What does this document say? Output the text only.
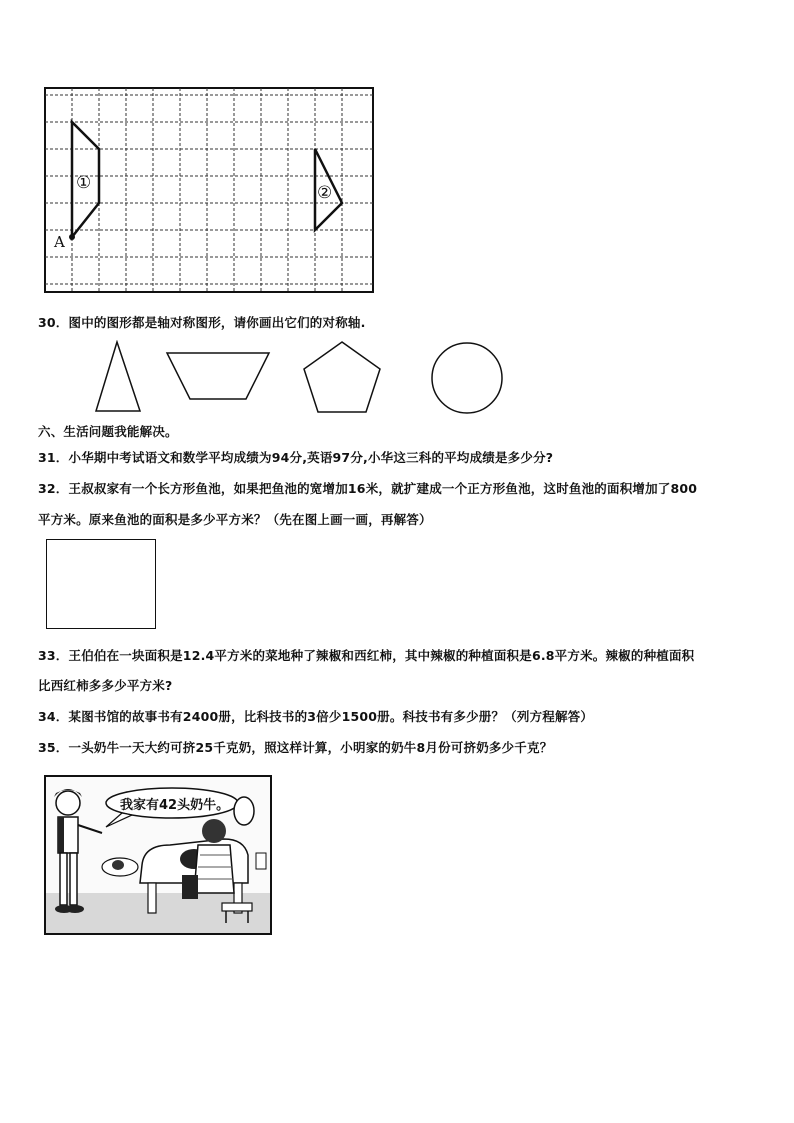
①	②
A
30．图中的图形都是轴对称图形，请你画出它们的对称轴.
六、生活问题我能解决。
31．小华期中考试语文和数学平均成绩为94分,英语97分,小华这三科的平均成绩是多少分?
32．王叔叔家有一个长方形鱼池，如果把鱼池的宽增加16米，就扩建成一个正方形鱼池，这时鱼池的面积增加了800
平方米。原来鱼池的面积是多少平方米？（先在图上画一画，再解答）
33．王伯伯在一块面积是12.4平方米的菜地种了辣椒和西红柿，其中辣椒的种植面积是6.8平方米。辣椒的种植面积
比西红柿多多少平方米?
34．某图书馆的故事书有2400册，比科技书的3倍少1500册。科技书有多少册？（列方程解答）
35．一头奶牛一天大约可挤25千克奶，照这样计算，小明家的奶牛8月份可挤奶多少千克？
我家有42头奶牛。
